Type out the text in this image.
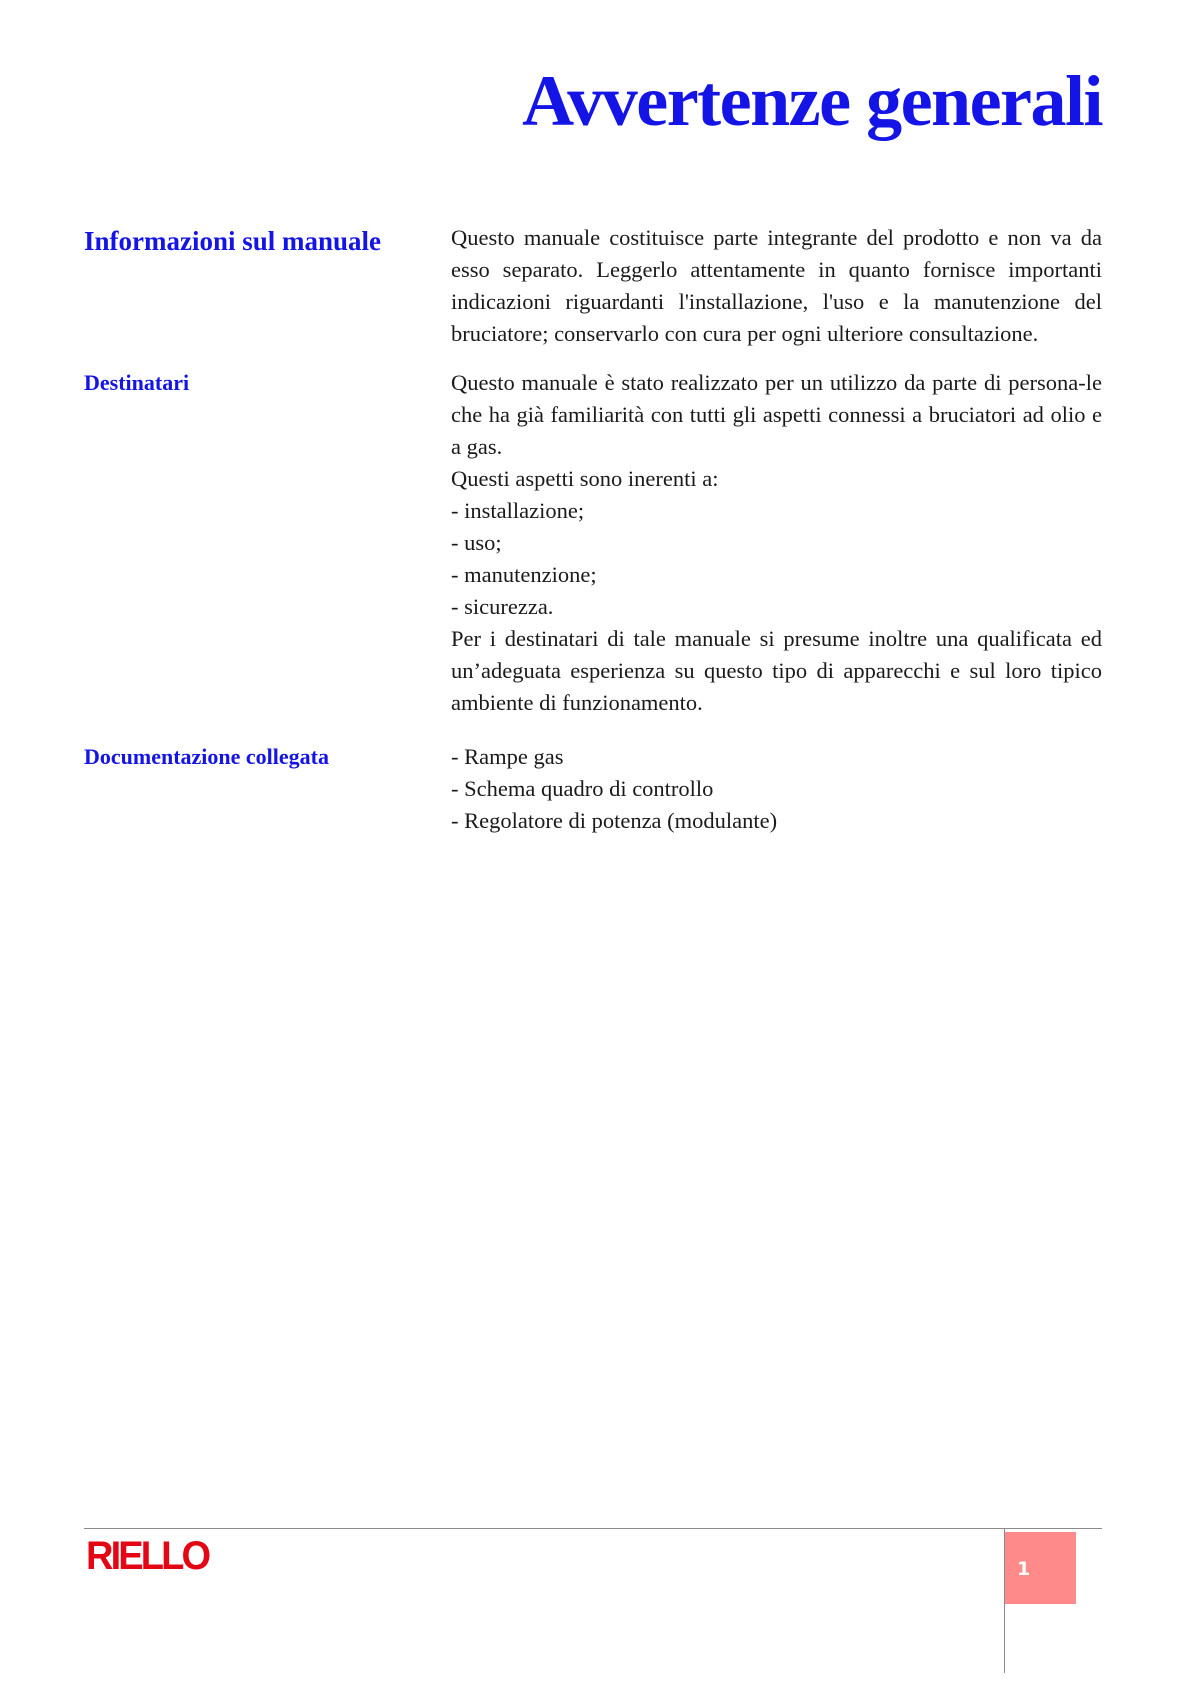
Avvertenze generali
Informazioni sul manuale	Questo manuale costituisce parte integrante del prodotto e non va da esso separato. Leggerlo attentamente in quanto fornisce importanti indicazioni riguardanti l'installazione, l'uso e la manutenzione del bruciatore; conservarlo con cura per ogni ulteriore consultazione.

Destinatari	Questo manuale è stato realizzato per un utilizzo da parte di persona-le che ha già familiarità con tutti gli aspetti connessi a bruciatori ad olio e a gas.

Questi aspetti sono inerenti a:
- installazione;
- uso;
- manutenzione;
- sicurezza.

Per i destinatari di tale manuale si presume inoltre una qualificata ed un’adeguata esperienza su questo tipo di apparecchi e sul loro tipico ambiente di funzionamento.

Documentazione collegata	- Rampe gas
- Schema quadro di controllo
- Regolatore di potenza (modulante)
RIELLO	1
